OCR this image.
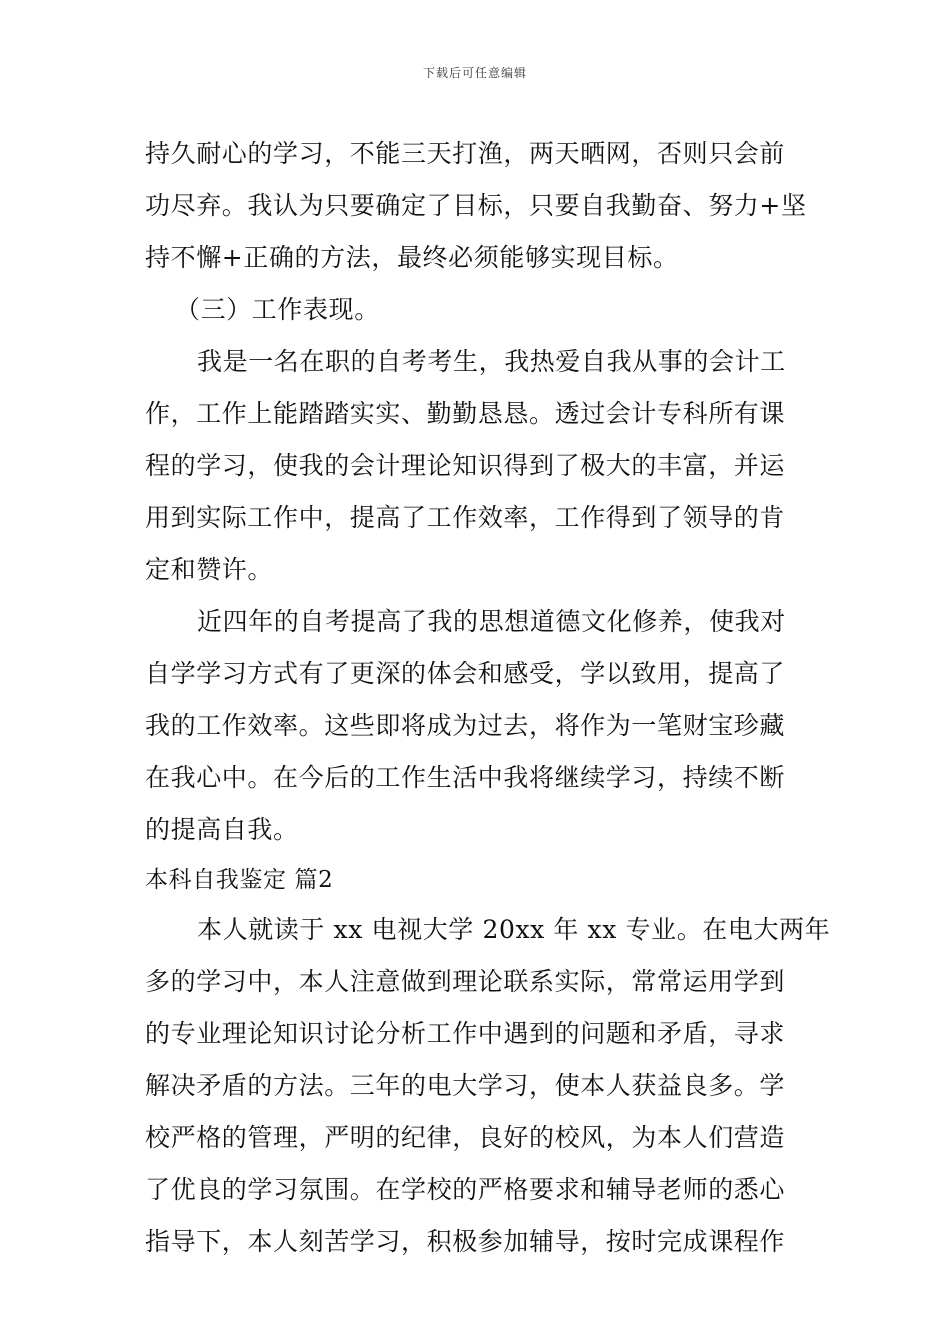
下载后可任意编辑
持久耐心的学习，不能三天打渔，两天晒网，否则只会前
功尽弃。我认为只要确定了目标，只要自我勤奋、努力+坚
持不懈+正确的方法，最终必须能够实现目标。
（三）工作表现。
我是一名在职的自考考生，我热爱自我从事的会计工
作，工作上能踏踏实实、勤勤恳恳。透过会计专科所有课
程的学习，使我的会计理论知识得到了极大的丰富，并运
用到实际工作中，提高了工作效率，工作得到了领导的肯
定和赞许。
近四年的自考提高了我的思想道德文化修养，使我对
自学学习方式有了更深的体会和感受，学以致用，提高了
我的工作效率。这些即将成为过去，将作为一笔财宝珍藏
在我心中。在今后的工作生活中我将继续学习，持续不断
的提高自我。
本科自我鉴定 篇2
本人就读于 xx 电视大学 20xx 年 xx 专业。在电大两年
多的学习中，本人注意做到理论联系实际，常常运用学到
的专业理论知识讨论分析工作中遇到的问题和矛盾，寻求
解决矛盾的方法。三年的电大学习，使本人获益良多。学
校严格的管理，严明的纪律，良好的校风，为本人们营造
了优良的学习氛围。在学校的严格要求和辅导老师的悉心
指导下，本人刻苦学习，积极参加辅导，按时完成课程作
